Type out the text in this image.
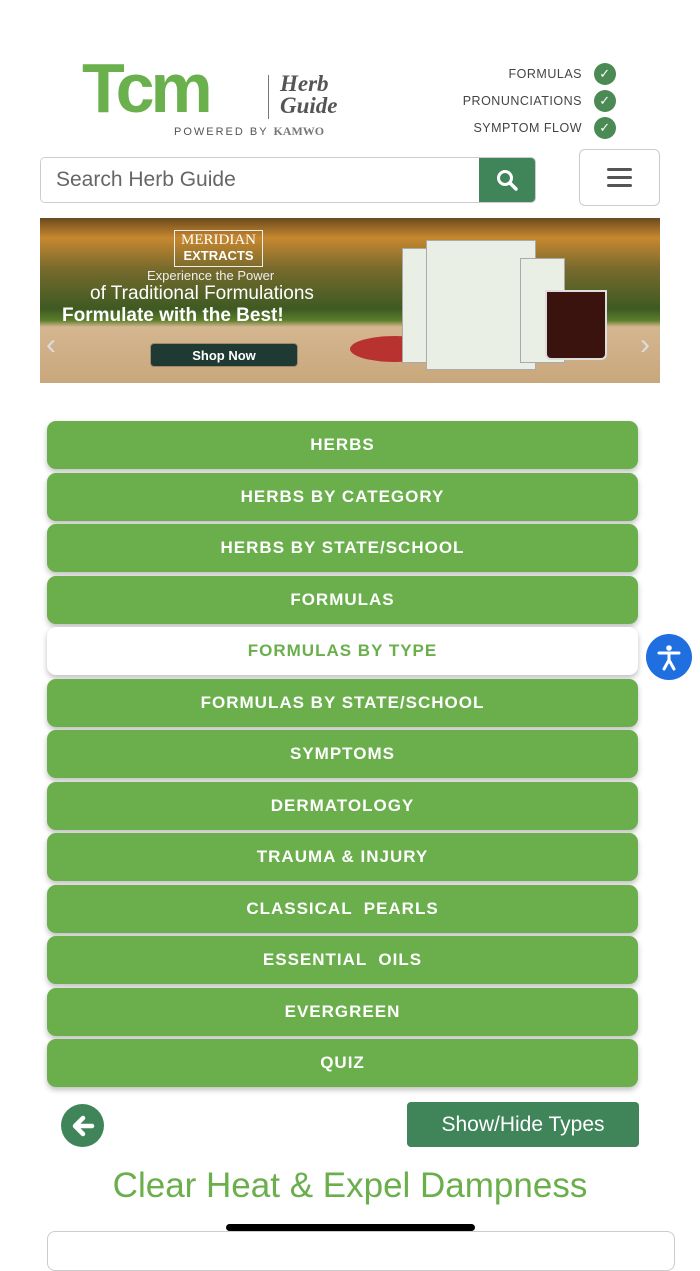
Tcm	Herb
Guide
POWERED BY KAMWO
FORMULAS	✓
PRONUNCIATIONS	✓
SYMPTOM FLOW	✓
Search Herb Guide
MERIDIAN
EXTRACTS
Experience the Power
of Traditional Formulations
Formulate with the Best!
Shop Now
‹	›
HERBS
HERBS BY CATEGORY
HERBS BY STATE/SCHOOL
FORMULAS
FORMULAS BY TYPE
FORMULAS BY STATE/SCHOOL
SYMPTOMS
DERMATOLOGY
TRAUMA & INJURY
CLASSICAL  PEARLS
ESSENTIAL  OILS
EVERGREEN
QUIZ
Show/Hide Types
Clear Heat & Expel Dampness
